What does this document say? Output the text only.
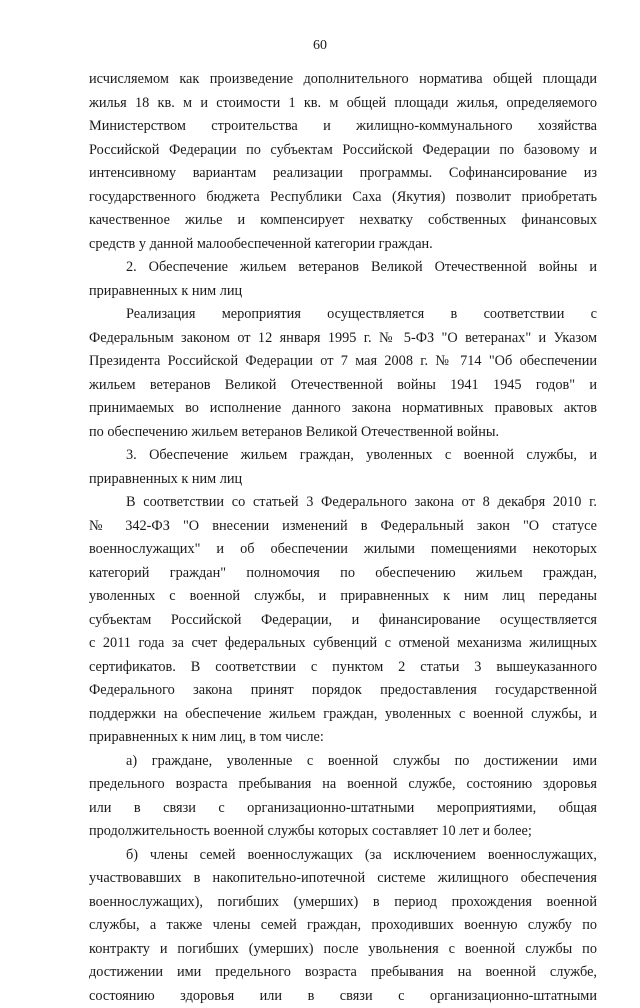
60
исчисляемом как произведение дополнительного норматива общей площади
жилья 18 кв. м и стоимости 1 кв. м общей площади жилья, определяемого
Министерством строительства и жилищно-коммунального хозяйства
Российской Федерации по субъектам Российской Федерации по базовому и
интенсивному вариантам реализации программы. Софинансирование из
государственного бюджета Республики Саха (Якутия) позволит приобретать
качественное жилье и компенсирует нехватку собственных финансовых
средств у данной малообеспеченной категории граждан.
2. Обеспечение жильем ветеранов Великой Отечественной войны и
приравненных к ним лиц
Реализация мероприятия осуществляется в соответствии с
Федеральным законом от 12 января 1995 г. № 5-ФЗ "О ветеранах" и Указом
Президента Российской Федерации от 7 мая 2008 г. № 714 "Об обеспечении
жильем ветеранов Великой Отечественной войны 1941 1945 годов" и
принимаемых во исполнение данного закона нормативных правовых актов
по обеспечению жильем ветеранов Великой Отечественной войны.
3. Обеспечение жильем граждан, уволенных с военной службы, и
приравненных к ним лиц
В соответствии со статьей 3 Федерального закона от 8 декабря 2010 г.
№ 342-ФЗ "О внесении изменений в Федеральный закон "О статусе
военнослужащих" и об обеспечении жилыми помещениями некоторых
категорий граждан" полномочия по обеспечению жильем граждан,
уволенных с военной службы, и приравненных к ним лиц переданы
субъектам Российской Федерации, и финансирование осуществляется
с 2011 года за счет федеральных субвенций с отменой механизма жилищных
сертификатов. В соответствии с пунктом 2 статьи 3 вышеуказанного
Федерального закона принят порядок предоставления государственной
поддержки на обеспечение жильем граждан, уволенных с военной службы, и
приравненных к ним лиц, в том числе:
а) граждане, уволенные с военной службы по достижении ими
предельного возраста пребывания на военной службе, состоянию здоровья
или в связи с организационно-штатными мероприятиями, общая
продолжительность военной службы которых составляет 10 лет и более;
б) члены семей военнослужащих (за исключением военнослужащих,
участвовавших в накопительно-ипотечной системе жилищного обеспечения
военнослужащих), погибших (умерших) в период прохождения военной
службы, а также члены семей граждан, проходивших военную службу по
контракту и погибших (умерших) после увольнения с военной службы по
достижении ими предельного возраста пребывания на военной службе,
состоянию здоровья или в связи с организационно-штатными
